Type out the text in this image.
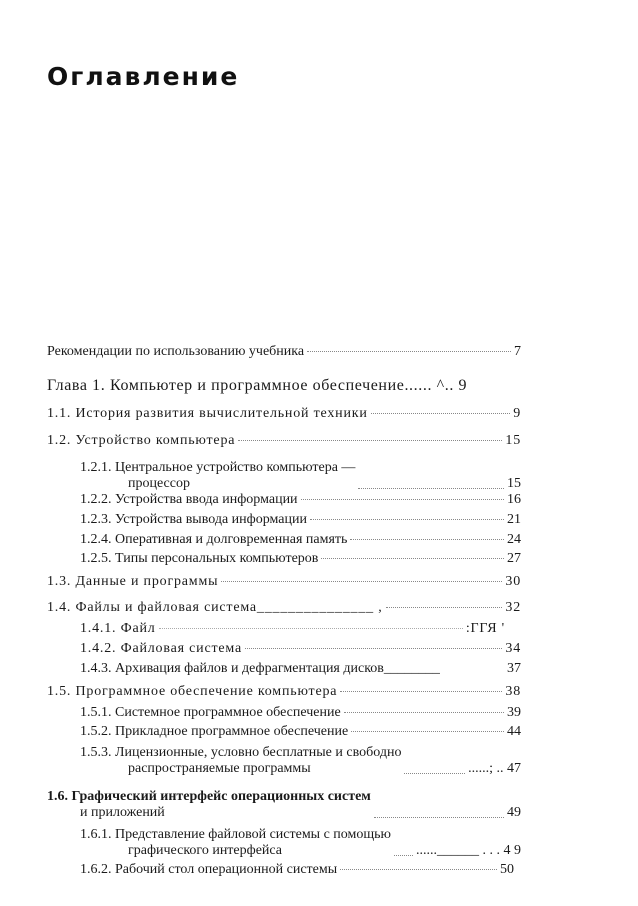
Оглавление
Рекомендации по использованию учебника	7
Глава 1. Компьютер и программное обеспечение...... ^.. 9
1.1. История развития вычислительной техники	9
1.2. Устройство компьютера	15
1.2.1. Центральное устройство компьютера —
процессор	15
1.2.2. Устройства ввода информации	16
1.2.3. Устройства вывода информации	21
1.2.4. Оперативная и долговременная память	24
1.2.5. Типы персональных компьютеров	27
1.3. Данные и программы	30
1.4. Файлы и файловая система_______________ ,	32
1.4.1. Файл	:ГГЯ '
1.4.2. Файловая система	34
1.4.3. Архивация файлов и дефрагментация дисков________	37
1.5. Программное обеспечение компьютера	38
1.5.1. Системное программное обеспечение	39
1.5.2. Прикладное программное обеспечение	44
1.5.3. Лицензионные, условно бесплатные и свободно
распространяемые программы	......; .. 47
1.6. Графический интерфейс операционных систем
и приложений	49
1.6.1. Представление файловой системы с помощью
графического интерфейса	......______ . . . 4 9
1.6.2. Рабочий стол операционной системы	50
